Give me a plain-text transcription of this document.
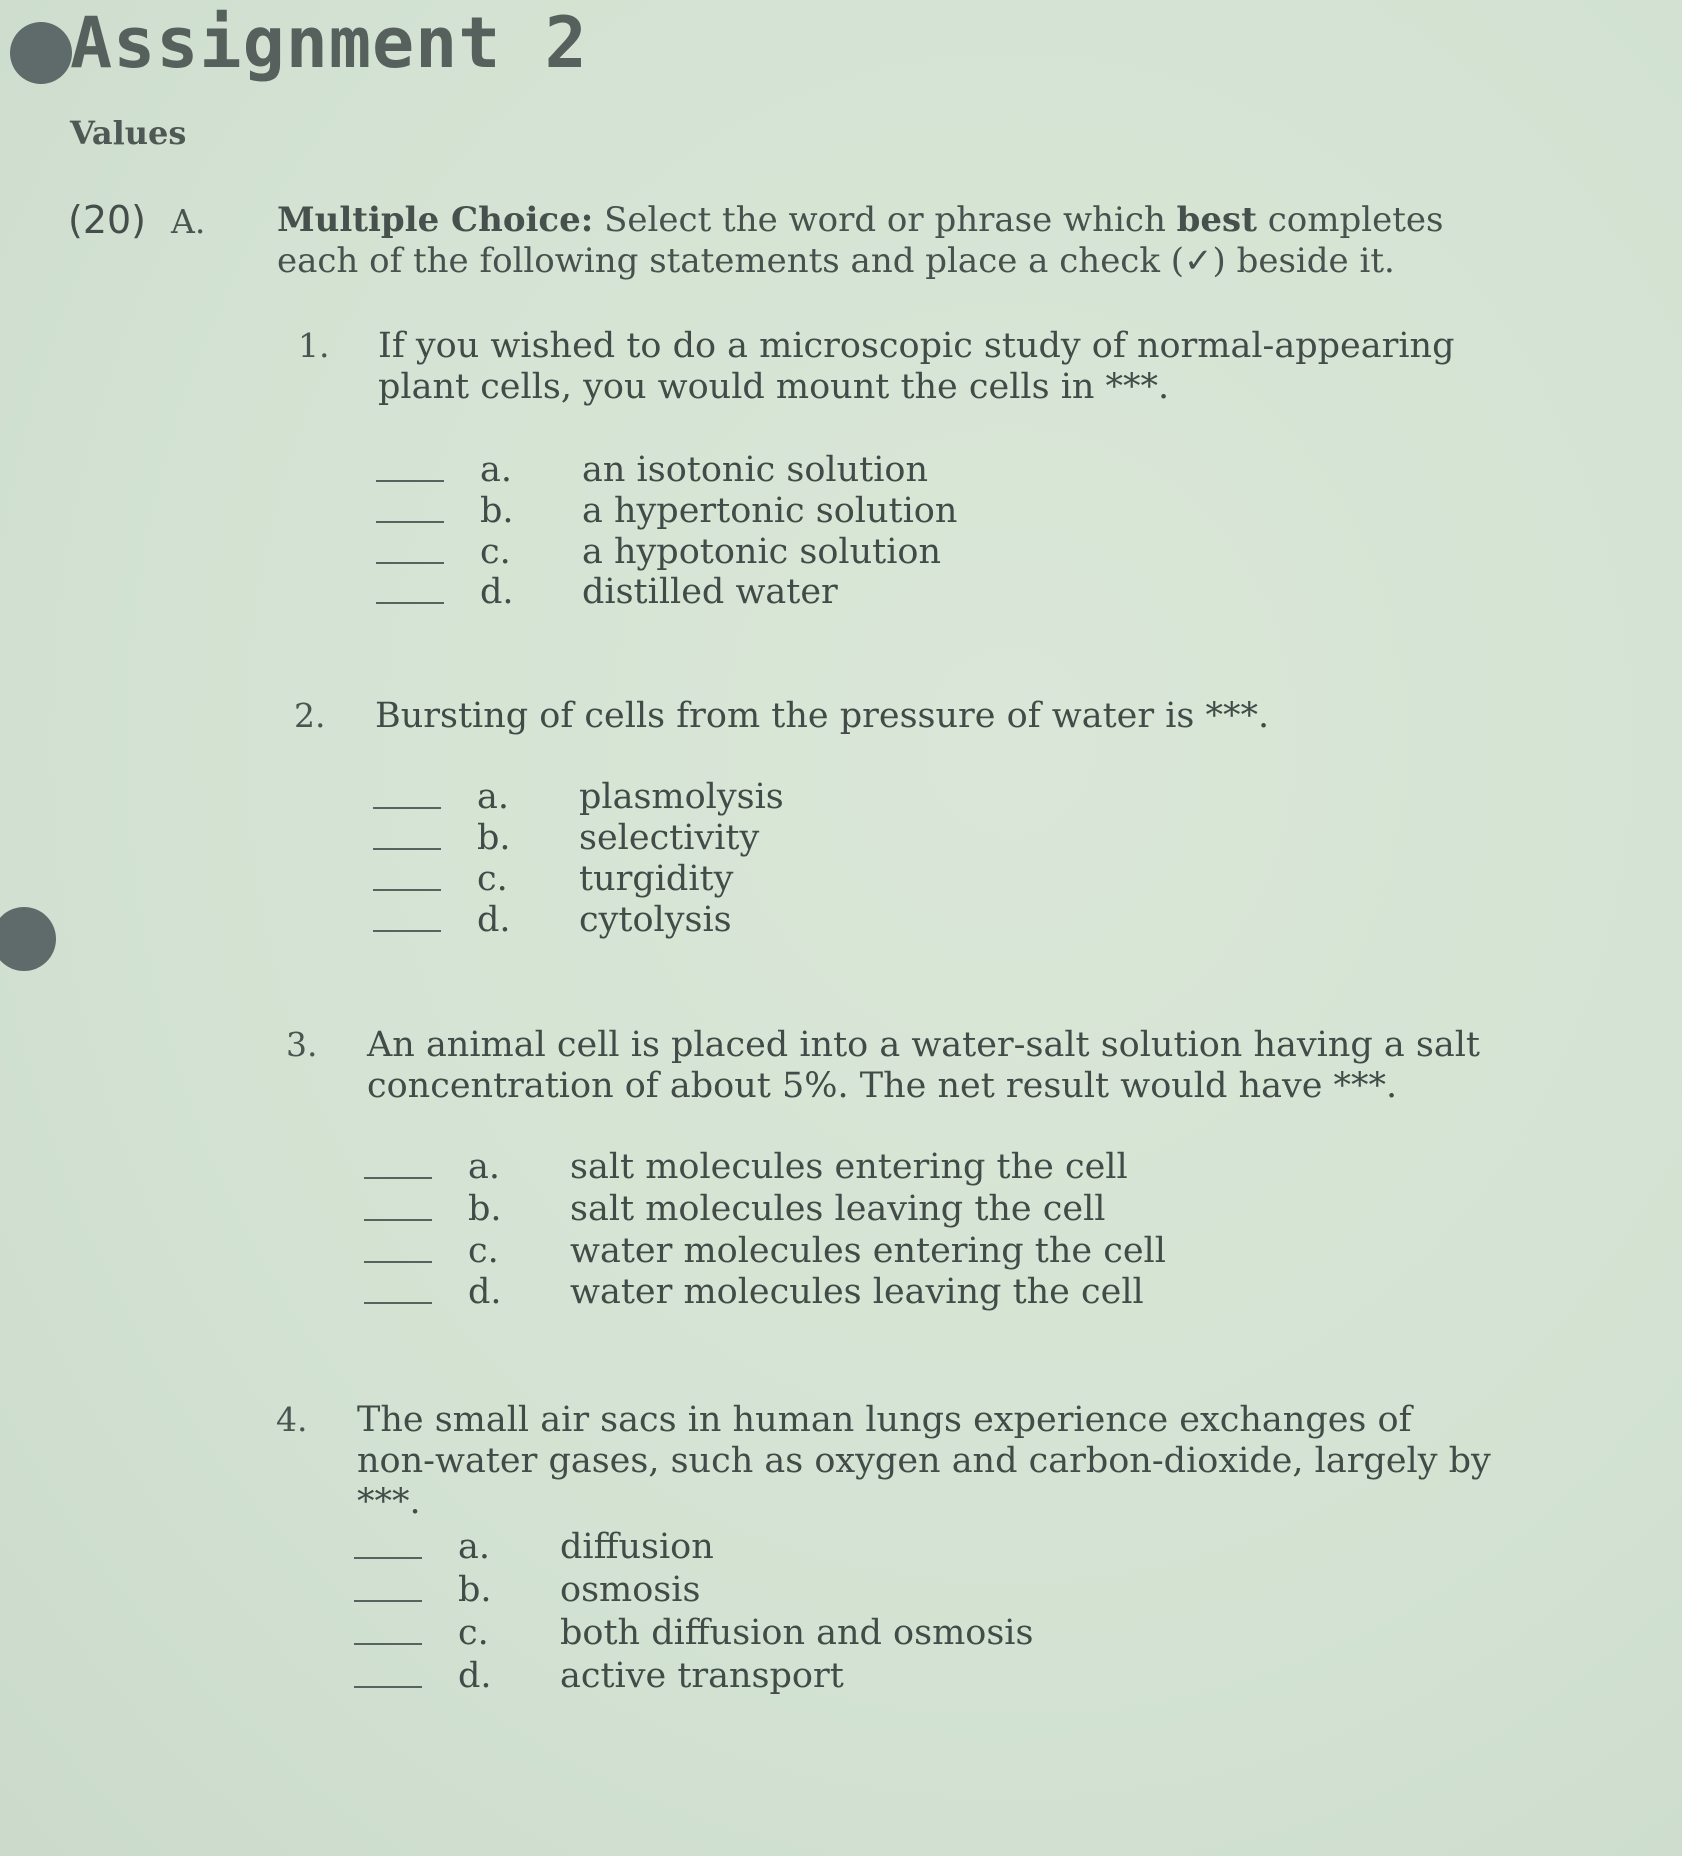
Assignment 2
Values
(20) A. Multiple Choice: Select the word or phrase which best completes each of the following statements and place a check (✓) beside it.
1. If you wished to do a microscopic study of normal-appearing plant cells, you would mount the cells in ***.
a. an isotonic solution
b. a hypertonic solution
c. a hypotonic solution
d. distilled water
2. Bursting of cells from the pressure of water is ***.
a. plasmolysis
b. selectivity
c. turgidity
d. cytolysis
3. An animal cell is placed into a water-salt solution having a salt concentration of about 5%. The net result would have ***.
a. salt molecules entering the cell
b. salt molecules leaving the cell
c. water molecules entering the cell
d. water molecules leaving the cell
4. The small air sacs in human lungs experience exchanges of non-water gases, such as oxygen and carbon-dioxide, largely by ***.
a. diffusion
b. osmosis
c. both diffusion and osmosis
d. active transport
